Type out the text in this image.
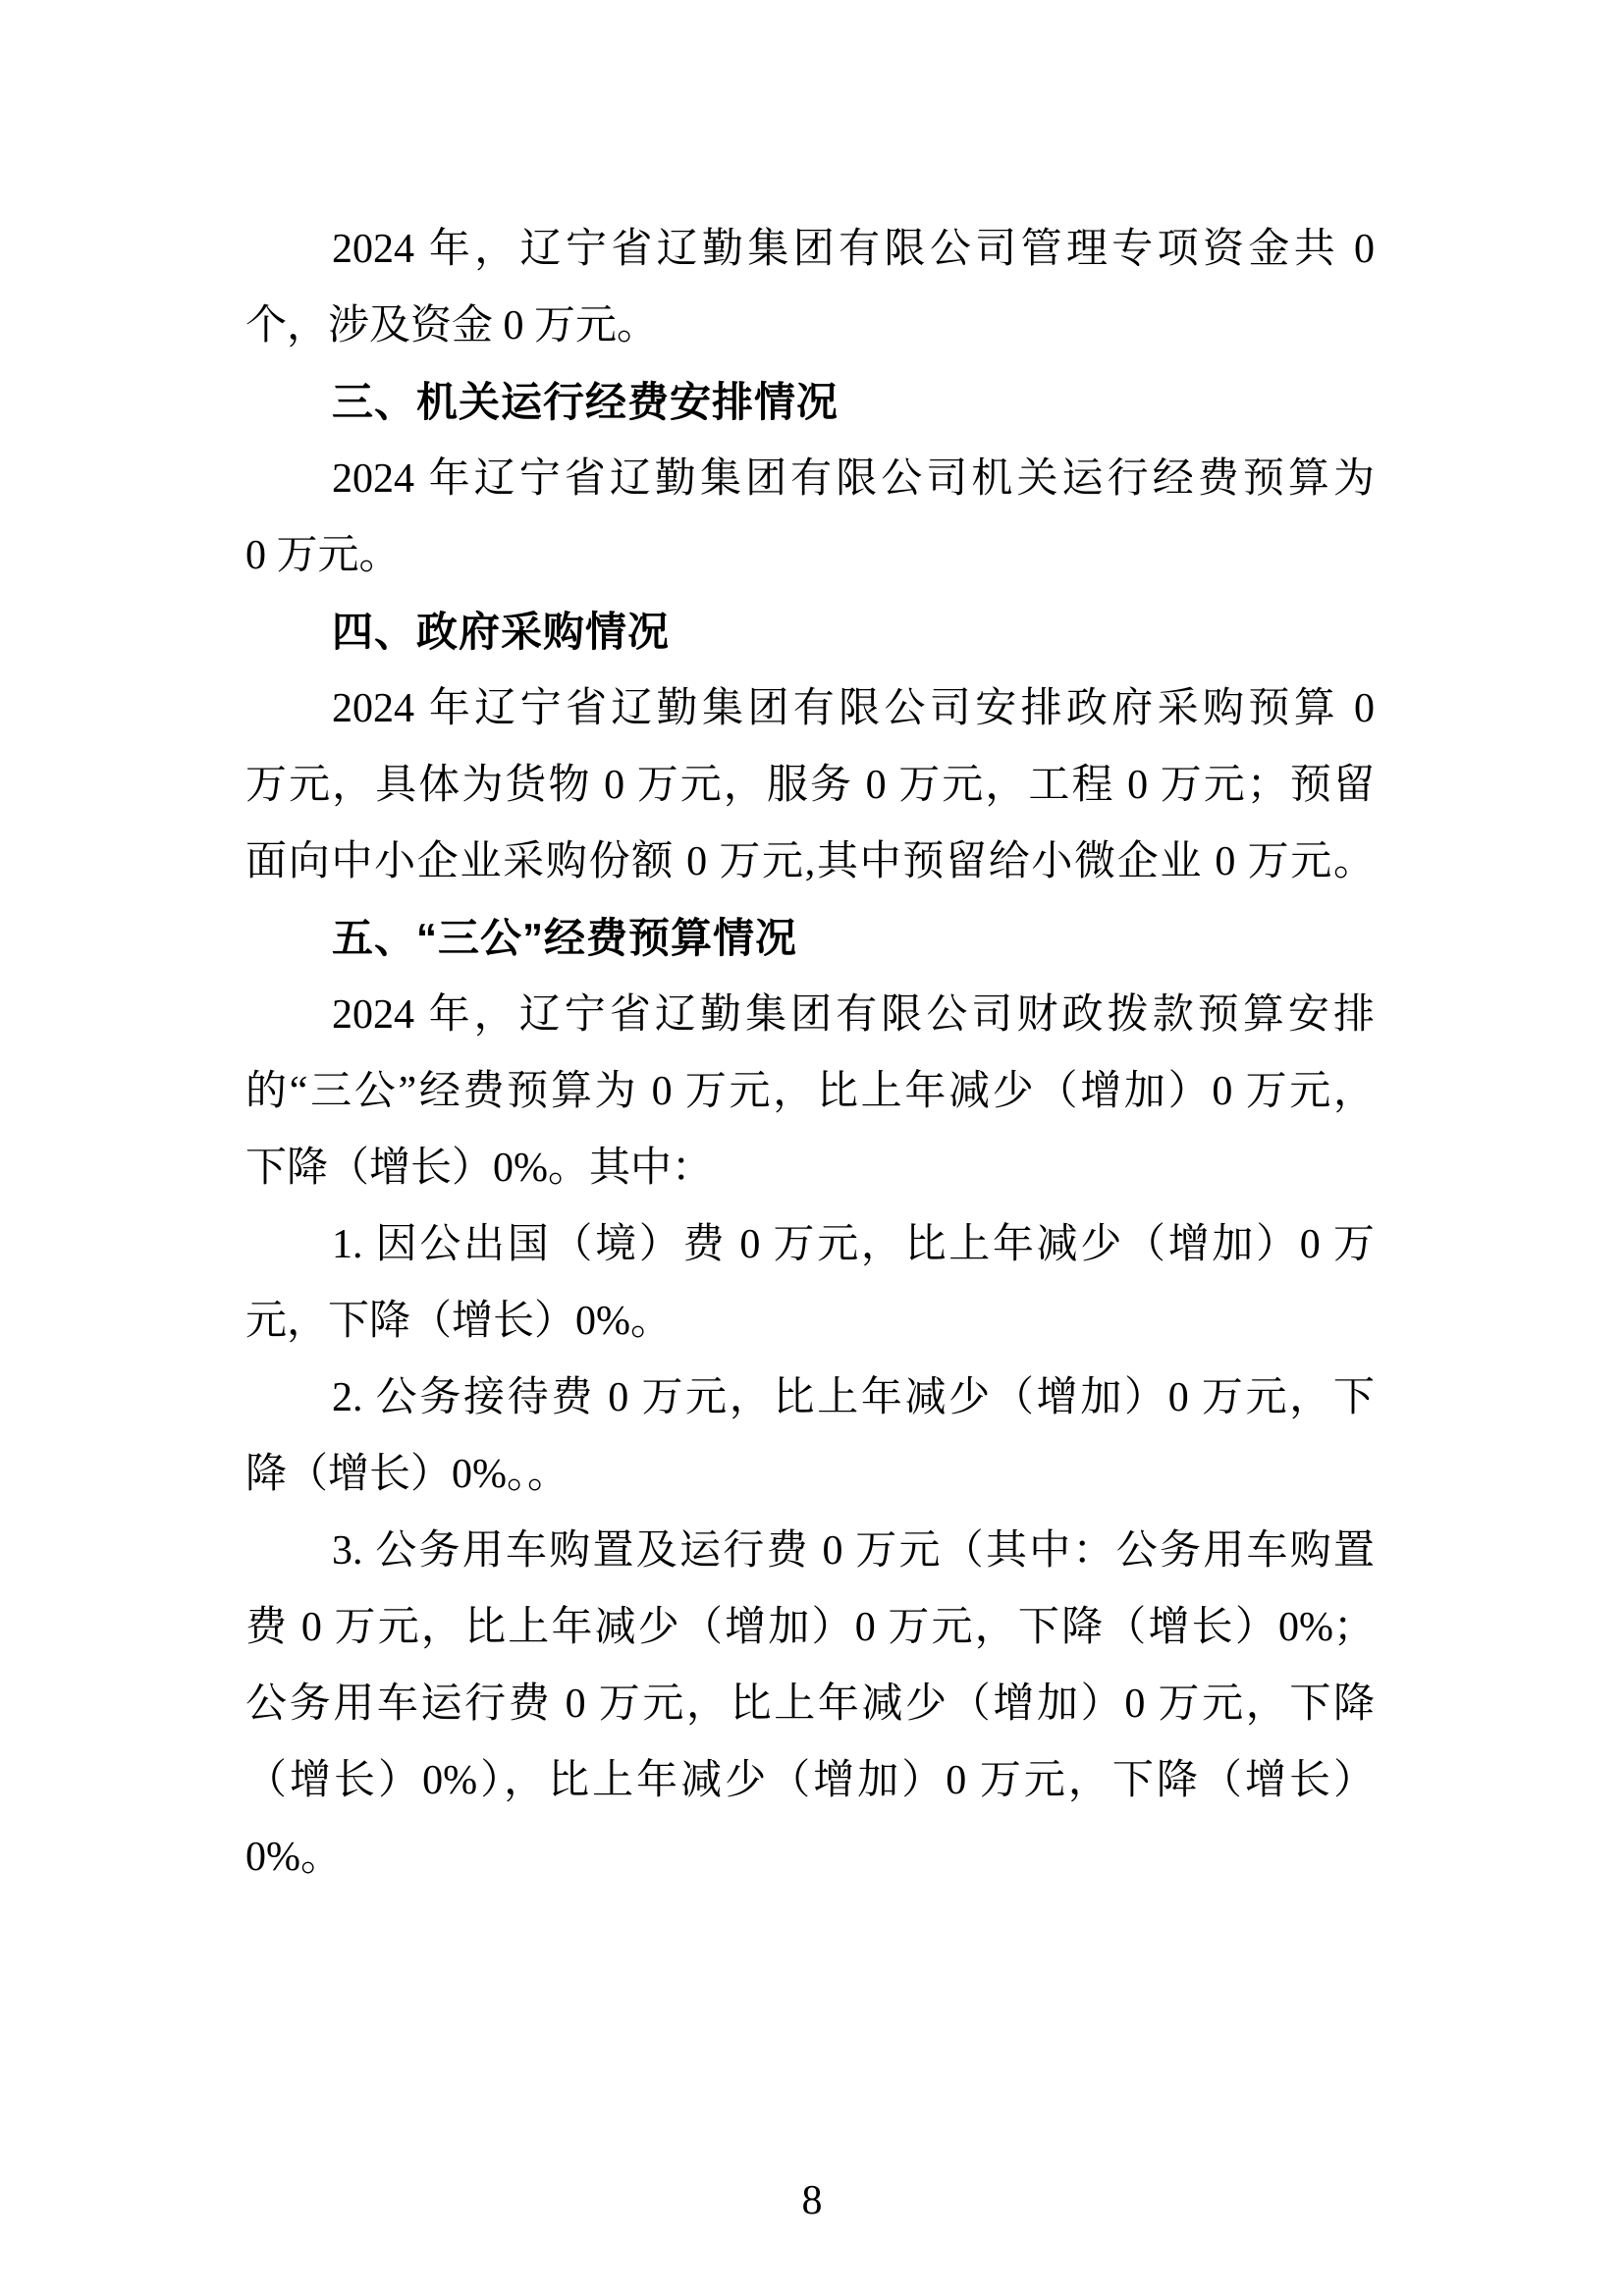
2024 年，辽宁省辽勤集团有限公司管理专项资金共 0
个，涉及资金 0 万元。
三、机关运行经费安排情况
2024 年辽宁省辽勤集团有限公司机关运行经费预算为
0 万元。
四、政府采购情况
2024 年辽宁省辽勤集团有限公司安排政府采购预算 0
万元，具体为货物 0 万元，服务 0 万元，工程 0 万元；预留
面向中小企业采购份额 0 万元,其中预留给小微企业 0 万元。
五、“三公”经费预算情况
2024 年，辽宁省辽勤集团有限公司财政拨款预算安排
的“三公”经费预算为 0 万元，比上年减少（增加）0 万元，
下降（增长）0%。其中：
1. 因公出国（境）费 0 万元，比上年减少（增加）0 万
元，下降（增长）0%。
2. 公务接待费 0 万元，比上年减少（增加）0 万元，下
降（增长）0%。。
3. 公务用车购置及运行费 0 万元（其中：公务用车购置
费 0 万元，比上年减少（增加）0 万元，下降（增长）0%；
公务用车运行费 0 万元，比上年减少（增加）0 万元，下降
（增长）0%），比上年减少（增加）0 万元，下降（增长）
0%。
8
